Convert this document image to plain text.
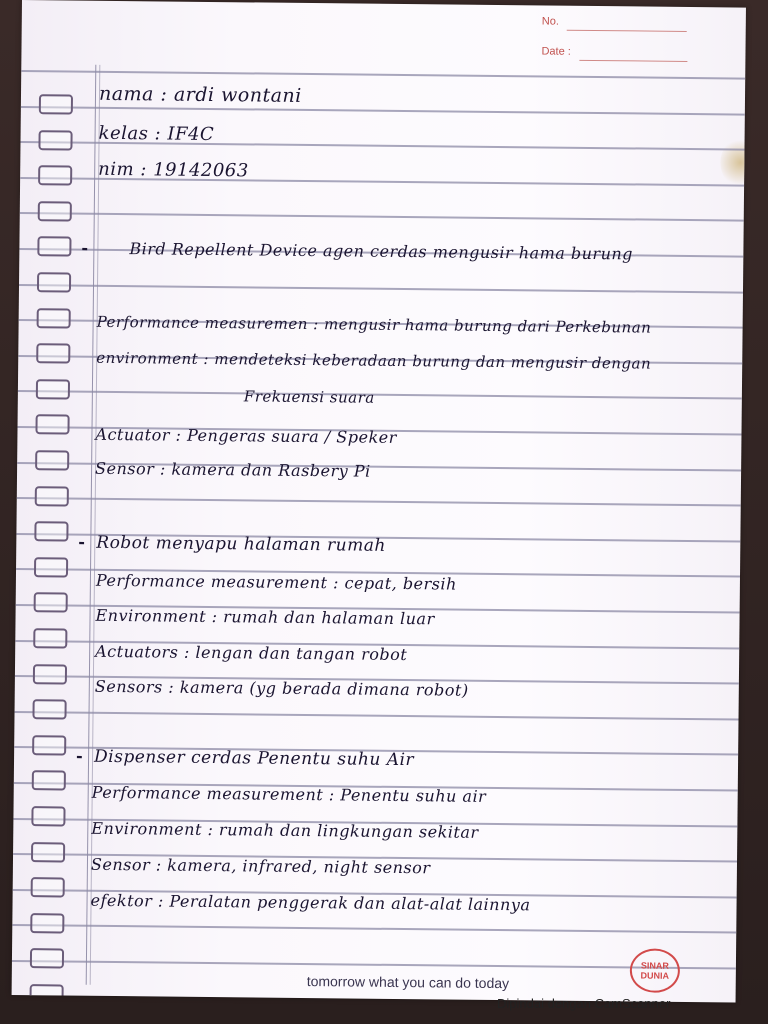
No.
Date :
nama : ardi wontani
kelas : IF4C
nim : 19142063
-	Bird Repellent Device agen cerdas mengusir hama burung
Performance measuremen : mengusir hama burung dari Perkebunan
environment : mendeteksi keberadaan burung dan mengusir dengan
Frekuensi suara
Actuator : Pengeras suara / Speker
Sensor : kamera dan Rasbery Pi
- Robot menyapu halaman rumah
Performance measurement : cepat, bersih
Environment : rumah dan halaman luar
Actuators : lengan dan tangan robot
Sensors : kamera (yg berada dimana robot)
- Dispenser cerdas Penentu suhu Air
Performance measurement : Penentu suhu air
Environment : rumah dan lingkungan sekitar
Sensor : kamera, infrared, night sensor
efektor : Peralatan penggerak dan alat-alat lainnya
tomorrow what you can do today
SINAR
DUNIA
Dipindai dengan CamScanner
